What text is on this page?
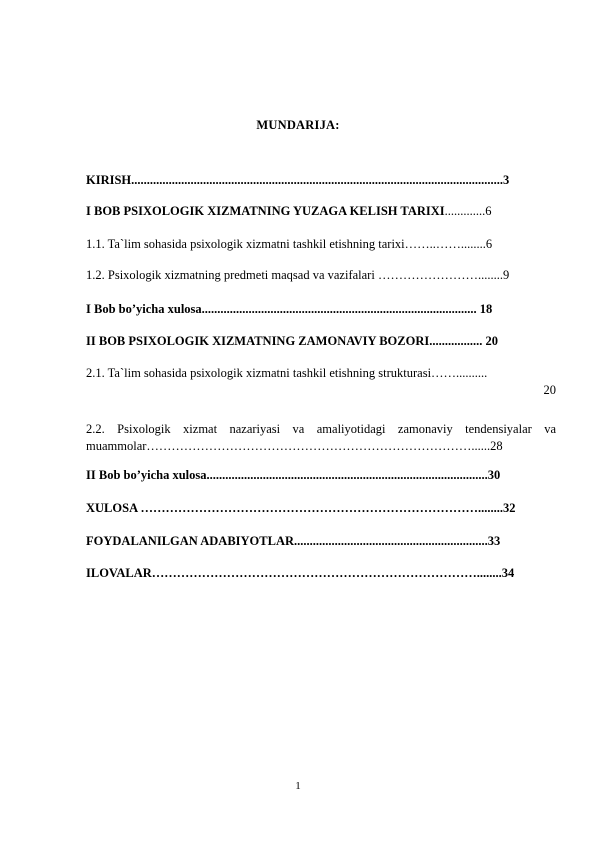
MUNDARIJA:
KIRISH.......................................................................................................................3
I BOB PSIXOLOGIK XIZMATNING YUZAGA KELISH TARIXI.............6
1.1. Ta`lim sohasida psixologik xizmatni tashkil etishning tarixi……..……........6
1.2. Psixologik xizmatning predmeti maqsad va vazifalari ……………………........9
I Bob bo’yicha xulosa........................................................................................ 18
II BOB PSIXOLOGIK XIZMATNING ZAMONAVIY BOZORI................. 20
2.1. Ta`lim sohasida psixologik xizmatni tashkil etishning strukturasi……..........
20
2.2. Psixologik xizmat nazariyasi va amaliyotidagi zamonaviy tendensiyalar va muammolar……………………………………………………………………......28
II Bob bo’yicha xulosa..........................................................................................30
XULOSA ………………………………………………………………………........32
FOYDALANILGAN ADABIYOTLAR..............................................................33
ILOVALAR……………………………………………………………………........34
1
